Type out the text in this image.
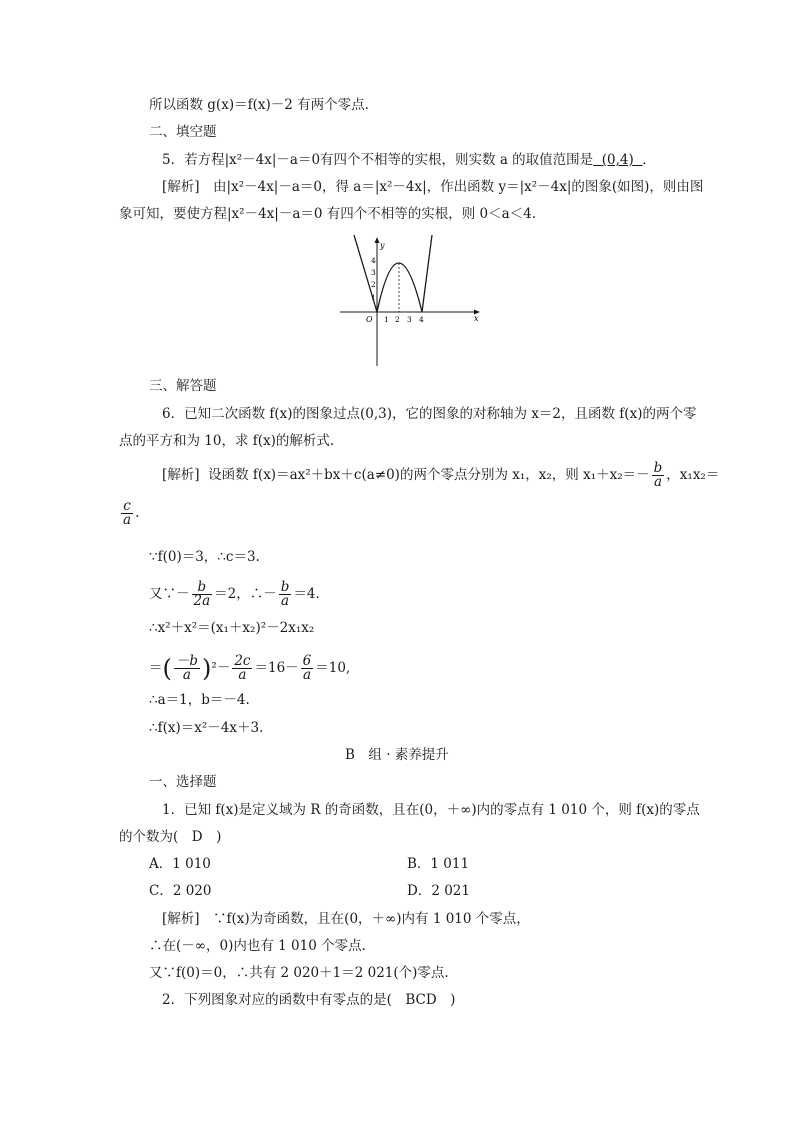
所以函数 g(x)＝f(x)－2 有两个零点.
二、填空题
5．若方程|x²－4x|－a＝0有四个不相等的实根，则实数 a 的取值范围是 (0,4) ．
[解析]　由|x²－4x|－a＝0，得 a＝|x²－4x|，作出函数 y＝|x²－4x|的图象(如图)，则由图
象可知，要使方程|x²－4x|－a＝0 有四个不相等的实根，则 0＜a＜4.
y
x
O 1 2 3 4
1
2
3
4
三、解答题
6．已知二次函数 f(x)的图象过点(0,3)，它的图象的对称轴为 x＝2，且函数 f(x)的两个零
点的平方和为 10，求 f(x)的解析式.
[解析] 设函数 f(x)＝ax²＋bx＋c(a≠0)的两个零点分别为 x₁，x₂，则 $x_1+x_2=- \frac{b}{a}$ ，x₁x₂＝
$\frac{c}{a}$ .
∵f(0)＝3，∴c＝3.
又∵－ $\frac{b}{2a} =2$，∴－ $\frac{b}{a} =4$.
∴x²＋x²＝(x₁＋x₂)²－2x₁x₂
＝( $\frac{-b}{a} )^2- \frac{2c}{a} =16- \frac{6}{a} =10$,
∴a＝1，b＝－4.
∴f(x)＝x²－4x＋3.
B　组 · 素养提升
一、选择题
1．已知 f(x)是定义域为 R 的奇函数，且在(0，＋∞)内的零点有 1 010 个，则 f(x)的零点
的个数为(　D　)
A．1 010	B．1 011
C．2 020	D．2 021
[解析]　∵f(x)为奇函数，且在(0，＋∞)内有 1 010 个零点，
∴在(－∞，0)内也有 1 010 个零点.
又∵f(0)＝0，∴共有 2 020＋1＝2 021(个)零点.
2．下列图象对应的函数中有零点的是(　BCD　)
